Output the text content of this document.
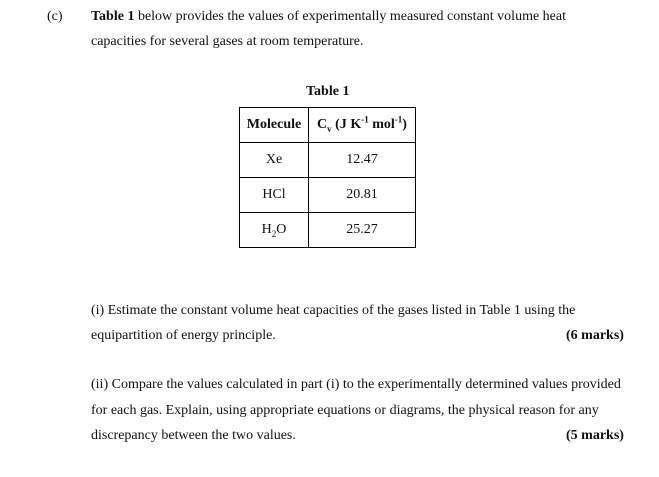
(c) Table 1 below provides the values of experimentally measured constant volume heat
capacities for several gases at room temperature.
Table 1
Molecule	$C_v$ (J $K^{-1}$ mol$^{-1}$)
Xe	12.47
HCl	20.81
$H_2O$	25.27
(i) Estimate the constant volume heat capacities of the gases listed in Table 1 using the
equipartition of energy principle.	(6 marks)
(ii) Compare the values calculated in part (i) to the experimentally determined values provided
for each gas. Explain, using appropriate equations or diagrams, the physical reason for any
discrepancy between the two values.	(5 marks)
